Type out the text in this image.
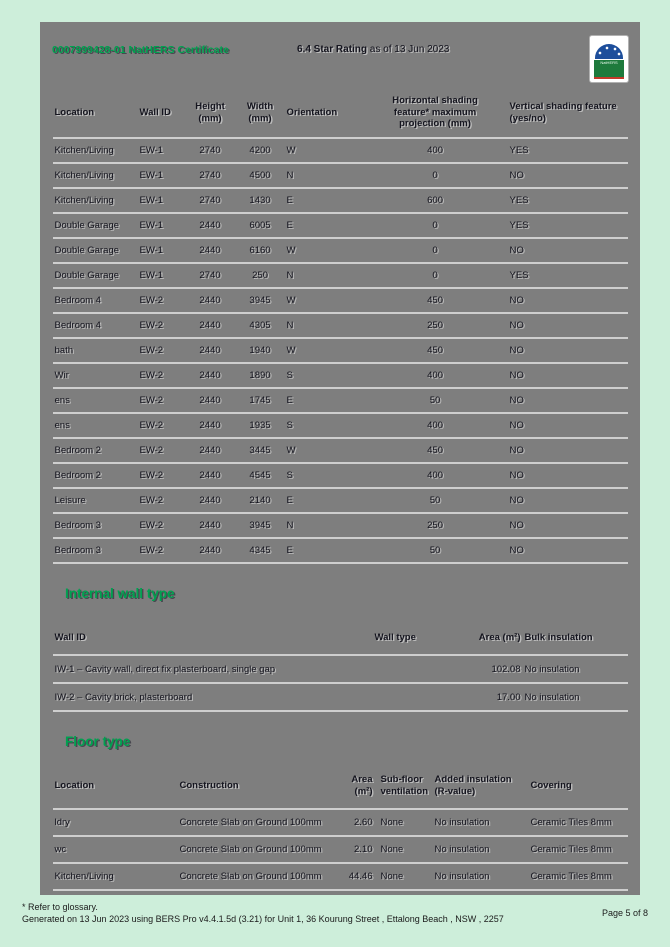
0007999428-01 NatHERS Certificate	6.4 Star Rating as of 13 Jun 2023
NatHERS
Location	Wall ID	Height (mm)	Width (mm)	Orientation	Horizontal shading feature* maximum projection (mm)	Vertical shading feature (yes/no)
Kitchen/Living	EW-1	2740	4200	W	400	YES
Kitchen/Living	EW-1	2740	4500	N	0	NO
Kitchen/Living	EW-1	2740	1430	E	600	YES
Double Garage	EW-1	2440	6005	E	0	YES
Double Garage	EW-1	2440	6160	W	0	NO
Double Garage	EW-1	2740	250	N	0	YES
Bedroom 4	EW-2	2440	3945	W	450	NO
Bedroom 4	EW-2	2440	4305	N	250	NO
bath	EW-2	2440	1940	W	450	NO
Wir	EW-2	2440	1890	S	400	NO
ens	EW-2	2440	1745	E	50	NO
ens	EW-2	2440	1935	S	400	NO
Bedroom 2	EW-2	2440	3445	W	450	NO
Bedroom 2	EW-2	2440	4545	S	400	NO
Leisure	EW-2	2440	2140	E	50	NO
Bedroom 3	EW-2	2440	3945	N	250	NO
Bedroom 3	EW-2	2440	4345	E	50	NO
Internal wall type
Wall ID	Wall type	Area (m²)	Bulk insulation
IW-1 – Cavity wall, direct fix plasterboard, single gap		102.08	No insulation
IW-2 – Cavity brick, plasterboard		17.00	No insulation
Floor type
Location	Construction	Area (m²)	Sub-floor ventilation	Added insulation (R-value)	Covering
ldry	Concrete Slab on Ground 100mm	2.60	None	No insulation	Ceramic Tiles 8mm
wc	Concrete Slab on Ground 100mm	2.10	None	No insulation	Ceramic Tiles 8mm
Kitchen/Living	Concrete Slab on Ground 100mm	44.46	None	No insulation	Ceramic Tiles 8mm
* Refer to glossary.
Generated on 13 Jun 2023 using BERS Pro v4.4.1.5d (3.21) for Unit 1, 36 Kourung Street , Ettalong Beach , NSW , 2257
Page 5 of 8
